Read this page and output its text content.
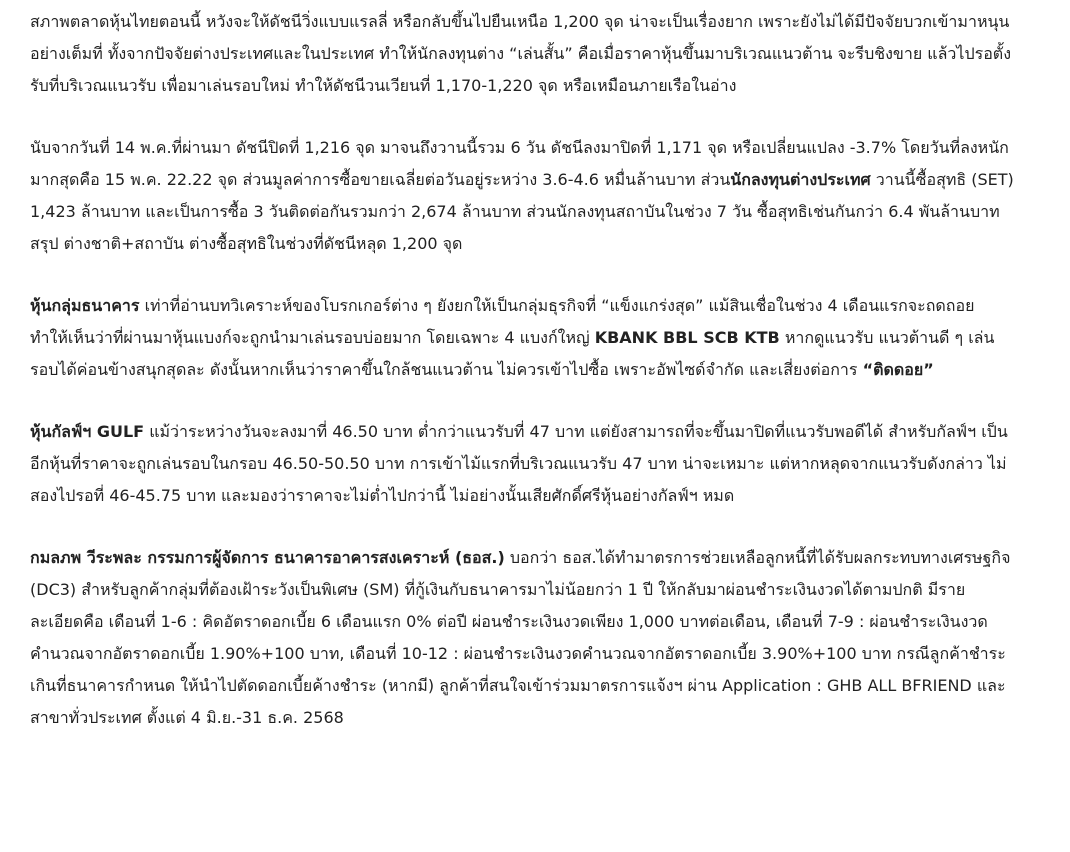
สภาพตลาดหุ้นไทยตอนนี้ หวังจะให้ดัชนีวิ่งแบบแรลลี่ หรือกลับขึ้นไปยืนเหนือ 1,200 จุด น่าจะเป็นเรื่องยาก เพราะยังไม่ได้มีปัจจัยบวกเข้ามาหนุนอย่างเต็มที่ ทั้งจากปัจจัยต่างประเทศและในประเทศ ทำให้นักลงทุนต่าง “เล่นสั้น” คือเมื่อราคาหุ้นขึ้นมาบริเวณแนวต้าน จะรีบชิงขาย แล้วไปรอตั้งรับที่บริเวณแนวรับ เพื่อมาเล่นรอบใหม่ ทำให้ดัชนีวนเวียนที่ 1,170-1,220 จุด หรือเหมือนภายเรือในอ่าง

นับจากวันที่ 14 พ.ค.ที่ผ่านมา ดัชนีปิดที่ 1,216 จุด มาจนถึงวานนี้รวม 6 วัน ดัชนีลงมาปิดที่ 1,171 จุด หรือเปลี่ยนแปลง -3.7% โดยวันที่ลงหนักมากสุดคือ 15 พ.ค. 22.22 จุด ส่วนมูลค่าการซื้อขายเฉลี่ยต่อวันอยู่ระหว่าง 3.6-4.6 หมื่นล้านบาท ส่วนนักลงทุนต่างประเทศ วานนี้ซื้อสุทธิ (SET) 1,423 ล้านบาท และเป็นการซื้อ 3 วันติดต่อกันรวมกว่า 2,674 ล้านบาท ส่วนนักลงทุนสถาบันในช่วง 7 วัน ซื้อสุทธิเช่นกันกว่า 6.4 พันล้านบาท สรุป ต่างชาติ+สถาบัน ต่างซื้อสุทธิในช่วงที่ดัชนีหลุด 1,200 จุด

หุ้นกลุ่มธนาคาร เท่าที่อ่านบทวิเคราะห์ของโบรกเกอร์ต่าง ๆ ยังยกให้เป็นกลุ่มธุรกิจที่ “แข็งแกร่งสุด” แม้สินเชื่อในช่วง 4 เดือนแรกจะถดถอย ทำให้เห็นว่าที่ผ่านมาหุ้นแบงก์จะถูกนำมาเล่นรอบบ่อยมาก โดยเฉพาะ 4 แบงก์ใหญ่ KBANK BBL SCB KTB หากดูแนวรับ แนวต้านดี ๆ เล่นรอบได้ค่อนข้างสนุกสุดละ ดังนั้นหากเห็นว่าราคาขึ้นใกล้ชนแนวต้าน ไม่ควรเข้าไปซื้อ เพราะอัพไซด์จำกัด และเสี่ยงต่อการ “ติดดอย”

หุ้นกัลฟ์ฯ GULF แม้ว่าระหว่างวันจะลงมาที่ 46.50 บาท ต่ำกว่าแนวรับที่ 47 บาท แต่ยังสามารถที่จะขึ้นมาปิดที่แนวรับพอดีได้ สำหรับกัลฟ์ฯ เป็นอีกหุ้นที่ราคาจะถูกเล่นรอบในกรอบ 46.50-50.50 บาท การเข้าไม้แรกที่บริเวณแนวรับ 47 บาท น่าจะเหมาะ แต่หากหลุดจากแนวรับดังกล่าว ไม่สองไปรอที่ 46-45.75 บาท และมองว่าราคาจะไม่ต่ำไปกว่านี้ ไม่อย่างนั้นเสียศักดิ์ศรีหุ้นอย่างกัลฟ์ฯ หมด

กมลภพ วีระพละ กรรมการผู้จัดการ ธนาคารอาคารสงเคราะห์ (ธอส.) บอกว่า ธอส.ได้ทำมาตรการช่วยเหลือลูกหนี้ที่ได้รับผลกระทบทางเศรษฐกิจ (DC3) สำหรับลูกค้ากลุ่มที่ต้องเฝ้าระวังเป็นพิเศษ (SM) ที่กู้เงินกับธนาคารมาไม่น้อยกว่า 1 ปี ให้กลับมาผ่อนชำระเงินงวดได้ตามปกติ มีรายละเอียดคือ เดือนที่ 1-6 : คิดอัตราดอกเบี้ย 6 เดือนแรก 0% ต่อปี ผ่อนชำระเงินงวดเพียง 1,000 บาทต่อเดือน, เดือนที่ 7-9 : ผ่อนชำระเงินงวดคำนวณจากอัตราดอกเบี้ย 1.90%+100 บาท, เดือนที่ 10-12 : ผ่อนชำระเงินงวดคำนวณจากอัตราดอกเบี้ย 3.90%+100 บาท กรณีลูกค้าชำระเกินที่ธนาคารกำหนด ให้นำไปตัดดอกเบี้ยค้างชำระ (หากมี) ลูกค้าที่สนใจเข้าร่วมมาตรการแจ้งฯ ผ่าน Application : GHB ALL BFRIEND และสาขาทั่วประเทศ ตั้งแต่ 4 มิ.ย.-31 ธ.ค. 2568
